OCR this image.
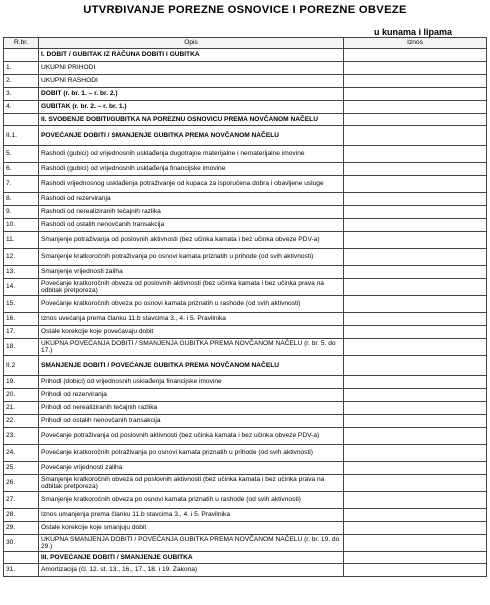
UTVRĐIVANJE POREZNE OSNOVICE I POREZNE OBVEZE
u kunama i lipama
R.br.	Opis	Iznos
	I. DOBIT / GUBITAK IZ RAČUNA DOBITI I GUBITKA	

1.	UKUPNI PRIHODI	

2.	UKUPNI RASHODI	

3.	DOBIT (r. br. 1. – r. br. 2.)	

4.	GUBITAK (r. br. 2. – r. br. 1.)	

	II. SVOĐENJE DOBITI/GUBITKA NA POREZNU OSNOVICU PREMA NOVČANOM NAČELU	

II.1.	POVEĆANJE DOBITI / SMANJENJE GUBITKA PREMA NOVČANOM NAČELU	

5.	Rashodi (gubici) od vrijednosnih usklađenja dugotrajne materijalne i nematerijalne imovine	

6.	Rashodi (gubici) od vrijednosnih usklađenja financijske imovine	

7.	Rashodi vrijednosnog usklađenja potraživanje od kupaca za isporučena dobra i obavljene usluge	

8.	Rashodi od rezerviranja	

9.	Rashodi od nerealiziranih tečajnih razlika	

10.	Rashodi od ostalih nenovčanih transakcija	

11.	Smanjenje potraživanja od poslovnih aktivnosti (bez učinka kamata i bez učinka obveze PDV-a)	

12.	Smanjenje kratkoročnih potraživanja po osnovi kamata priznatih u prihode (od svih aktivnosti)	

13.	Smanjenje vrijednosti zaliha	

14.	Povećanje kratkoročnih obveza od poslovnih aktivnosti (bez učinka kamata i bez učinka prava na odbitak pretporeza)	

15.	Povećanje kratkoročnih obveza po osnovi kamata priznatih u rashode (od svih aktivnosti)	

16.	Iznos uvećanja prema članku 11.b stavcima 3., 4. i 5. Pravilnika	

17.	Ostale korekcije koje povećavaju dobit	

18.	UKUPNA POVEĆANJA DOBITI / SMANJENJA GUBITKA PREMA NOVČANOM NAČELU (r. br. 5. do 17.)	

II.2	SMANJENJE DOBITI / POVEĆANJE GUBITKA PREMA NOVČANOM NAČELU	

19.	Prihodi (dobici) od vrijednosnih usklađenja financijske imovine	

20.	Prihodi od rezerviranja	

21.	Prihodi od nerealiziranih tečajnih razlika	

22.	Prihodi od ostalih nenovčanih transakcija	

23.	Povećanje potraživanja od poslovnih aktivnosti (bez učinka kamata i bez učinka obveze PDV-a)	

24.	Povećanje kratkoročnih potraživanja po osnovi kamata priznatih u prihode (od svih aktivnosti)	

25.	Povećanje vrijednosti zaliha	

26.	Smanjenje kratkoročnih obveza od poslovnih aktivnosti (bez učinka kamata i bez učinka prava na odbitak pretporeza)	

27.	Smanjenje kratkoročnih obveza po osnovi kamata priznatih u rashode (od svih aktivnosti)	

28.	Iznos umanjenja prema članku 11.b stavcima 3., 4. i 5. Pravilnika	

29.	Ostale korekcije koje smanjuju dobit	

30.	UKUPNA SMANJENJA DOBITI / POVEĆANJA GUBITKA PREMA NOVČANOM NAČELU (r. br. 19. do 29.)	

	III. POVEĆANJE DOBITI / SMANJENJE GUBITKA	

31.	Amortizacija (čl. 12. st. 13., 16., 17., 18. i 19. Zakona)	
